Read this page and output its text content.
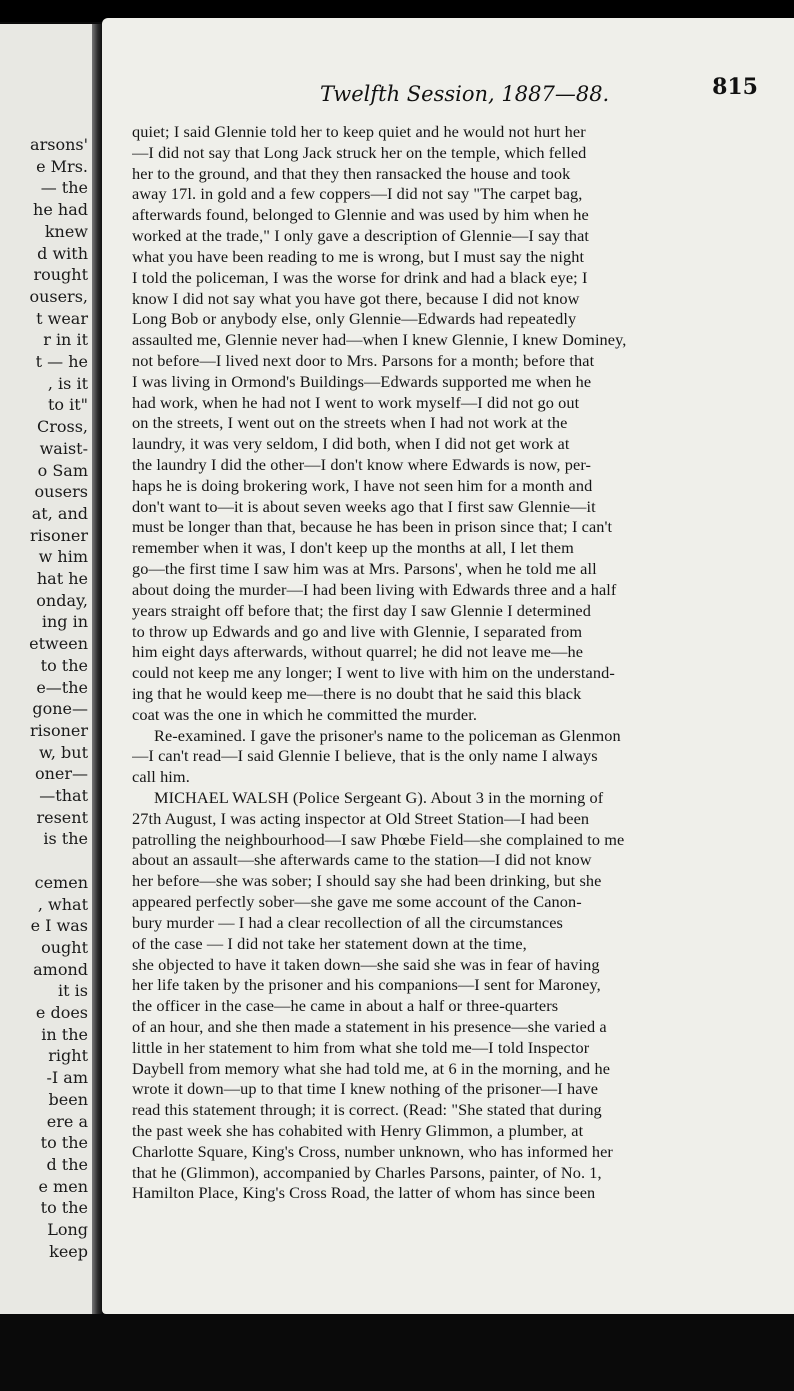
arsons'
e Mrs.
— the
he had
knew
d with
rought
ousers,
t wear
r in it
t — he
, is it
to it"
Cross,
waist-
o Sam
ousers
at, and
risoner
w him
hat he
onday,
ing in
etween
to the
e—the
gone—
risoner
w, but
oner—
—that
resent
is the
cemen
, what
e I was
ought
amond
it is
e does
in the
right
-I am
been
ere a
to the
d the
e men
to the
Long
keep
Twelfth Session, 1887—88.	815
quiet; I said Glennie told her to keep quiet and he would not hurt her
—I did not say that Long Jack struck her on the temple, which felled
her to the ground, and that they then ransacked the house and took
away 17l. in gold and a few coppers—I did not say "The carpet bag,
afterwards found, belonged to Glennie and was used by him when he
worked at the trade," I only gave a description of Glennie—I say that
what you have been reading to me is wrong, but I must say the night
I told the policeman, I was the worse for drink and had a black eye; I
know I did not say what you have got there, because I did not know
Long Bob or anybody else, only Glennie—Edwards had repeatedly
assaulted me, Glennie never had—when I knew Glennie, I knew Dominey,
not before—I lived next door to Mrs. Parsons for a month; before that
I was living in Ormond's Buildings—Edwards supported me when he
had work, when he had not I went to work myself—I did not go out
on the streets, I went out on the streets when I had not work at the
laundry, it was very seldom, I did both, when I did not get work at
the laundry I did the other—I don't know where Edwards is now, per-
haps he is doing brokering work, I have not seen him for a month and
don't want to—it is about seven weeks ago that I first saw Glennie—it
must be longer than that, because he has been in prison since that; I can't
remember when it was, I don't keep up the months at all, I let them
go—the first time I saw him was at Mrs. Parsons', when he told me all
about doing the murder—I had been living with Edwards three and a half
years straight off before that; the first day I saw Glennie I determined
to throw up Edwards and go and live with Glennie, I separated from
him eight days afterwards, without quarrel; he did not leave me—he
could not keep me any longer; I went to live with him on the understand-
ing that he would keep me—there is no doubt that he said this black
coat was the one in which he committed the murder.
Re-examined. I gave the prisoner's name to the policeman as Glenmon
—I can't read—I said Glennie I believe, that is the only name I always
call him.
MICHAEL WALSH (Police Sergeant G). About 3 in the morning of
27th August, I was acting inspector at Old Street Station—I had been
patrolling the neighbourhood—I saw Phœbe Field—she complained to me
about an assault—she afterwards came to the station—I did not know
her before—she was sober; I should say she had been drinking, but she
appeared perfectly sober—she gave me some account of the Canon-
bury murder — I had a clear recollection of all the circumstances
of the case — I did not take her statement down at the time,
she objected to have it taken down—she said she was in fear of having
her life taken by the prisoner and his companions—I sent for Maroney,
the officer in the case—he came in about a half or three-quarters
of an hour, and she then made a statement in his presence—she varied a
little in her statement to him from what she told me—I told Inspector
Daybell from memory what she had told me, at 6 in the morning, and he
wrote it down—up to that time I knew nothing of the prisoner—I have
read this statement through; it is correct. (Read: "She stated that during
the past week she has cohabited with Henry Glimmon, a plumber, at
Charlotte Square, King's Cross, number unknown, who has informed her
that he (Glimmon), accompanied by Charles Parsons, painter, of No. 1,
Hamilton Place, King's Cross Road, the latter of whom has since been
